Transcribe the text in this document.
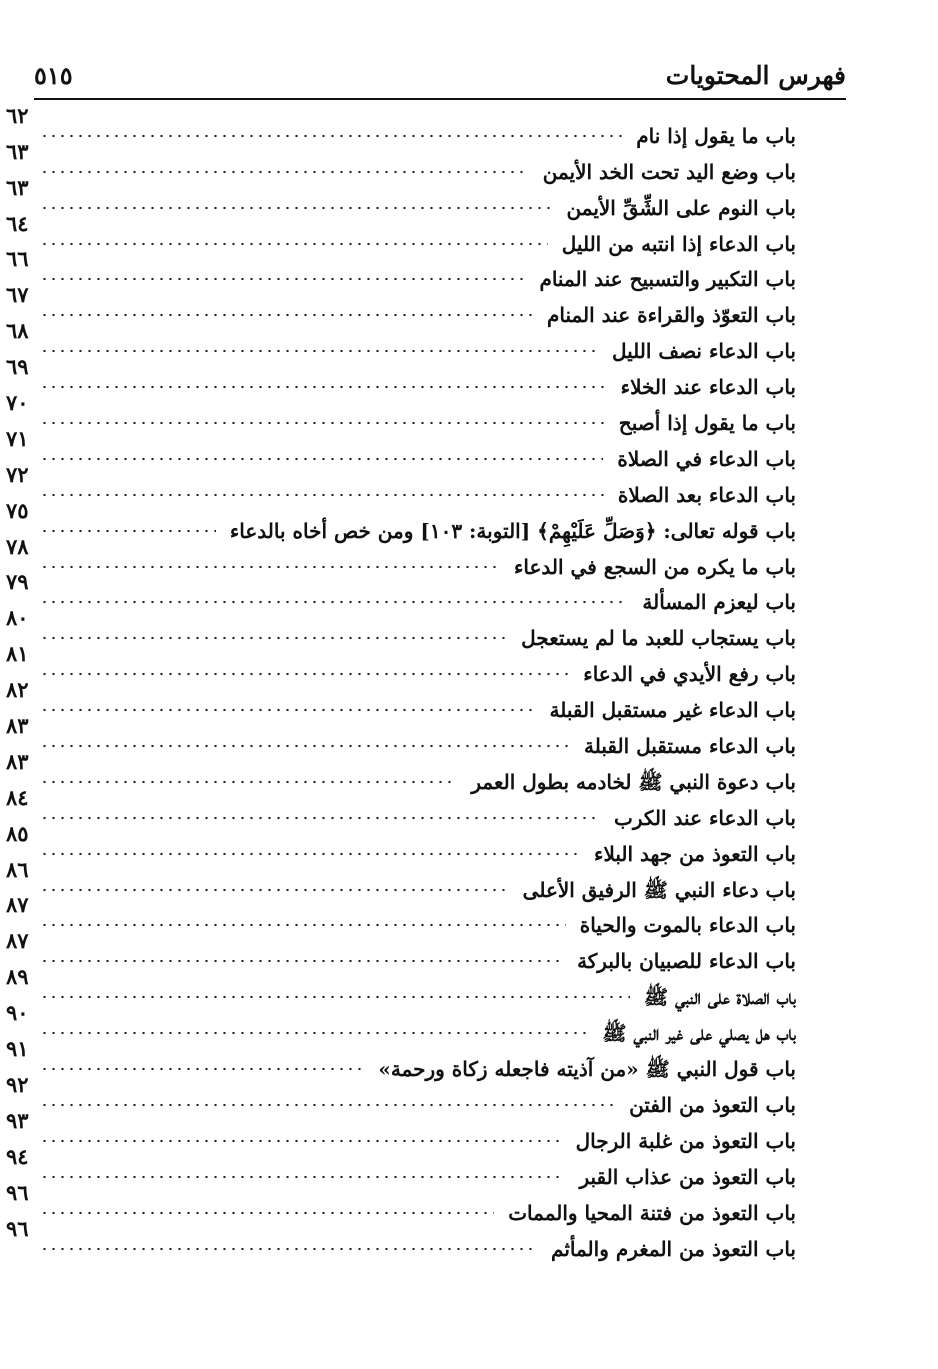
فهرس المحتويات
٥١٥
باب ما يقول إذا نام
٦٢
باب وضع اليد تحت الخد الأيمن
٦٣
باب النوم على الشِّقِّ الأيمن
٦٣
باب الدعاء إذا انتبه من الليل
٦٤
باب التكبير والتسبيح عند المنام
٦٦
باب التعوّذ والقراءة عند المنام
٦٧
باب الدعاء نصف الليل
٦٨
باب الدعاء عند الخلاء
٦٩
باب ما يقول إذا أصبح
٧٠
باب الدعاء في الصلاة
٧١
باب الدعاء بعد الصلاة
٧٢
باب قوله تعالى: ﴿وَصَلِّ عَلَيْهِمْ﴾ [التوبة: ١٠٣] ومن خص أخاه بالدعاء
٧٥
باب ما يكره من السجع في الدعاء
٧٨
باب ليعزم المسألة
٧٩
باب يستجاب للعبد ما لم يستعجل
٨٠
باب رفع الأيدي في الدعاء
٨١
باب الدعاء غير مستقبل القبلة
٨٢
باب الدعاء مستقبل القبلة
٨٣
باب دعوة النبي ﷺ لخادمه بطول العمر
٨٣
باب الدعاء عند الكرب
٨٤
باب التعوذ من جهد البلاء
٨٥
باب دعاء النبي ﷺ الرفيق الأعلى
٨٦
باب الدعاء بالموت والحياة
٨٧
باب الدعاء للصبيان بالبركة
٨٧
باب الصلاة على النبي ﷺ
٨٩
باب هل يصلي على غير النبي ﷺ
٩٠
باب قول النبي ﷺ «من آذيته فاجعله زكاة ورحمة»
٩١
باب التعوذ من الفتن
٩٢
باب التعوذ من غلبة الرجال
٩٣
باب التعوذ من عذاب القبر
٩٤
باب التعوذ من فتنة المحيا والممات
٩٦
باب التعوذ من المغرم والمأثم
٩٦
